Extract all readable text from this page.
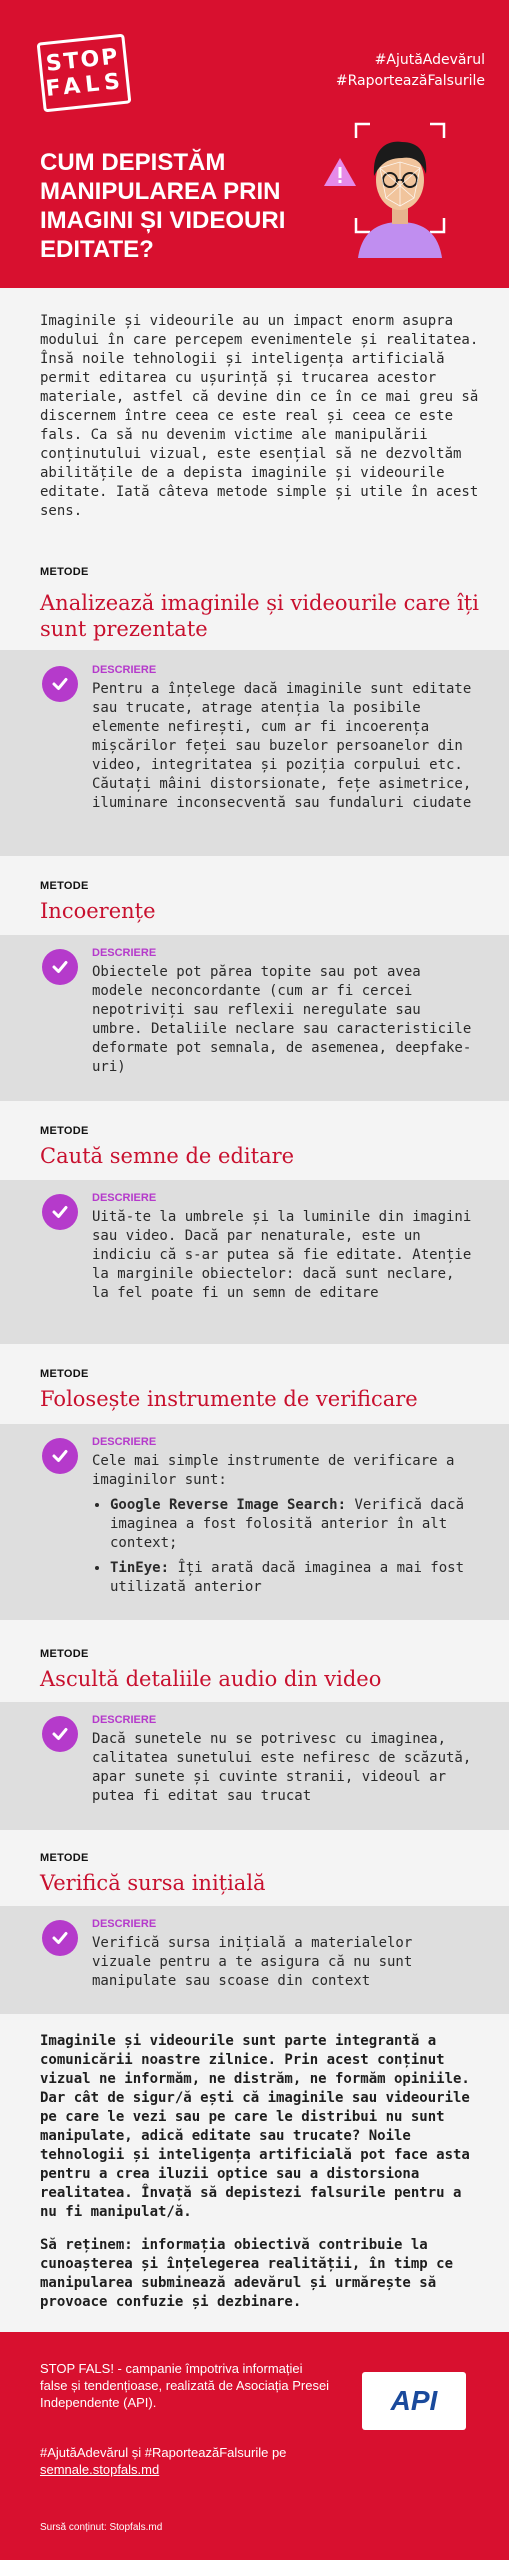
STOP
FALS
#AjutăAdevărul
#RaporteazăFalsurile
CUM DEPISTĂM MANIPULAREA PRIN IMAGINI ȘI VIDEOURI EDITATE?
Imaginile și videourile au un impact enorm asupra modului în care percepem evenimentele și realitatea. Însă noile tehnologii și inteligența artificială permit editarea cu ușurință și trucarea acestor materiale, astfel că devine din ce în ce mai greu să discernem între ceea ce este real și ceea ce este fals. Ca să nu devenim victime ale manipulării conținutului vizual, este esențial să ne dezvoltăm abilitățile de a depista imaginile și videourile editate. Iată câteva metode simple și utile în acest sens.
METODE
Analizează imaginile și videourile care îți sunt prezentate
DESCRIERE
Pentru a înțelege dacă imaginile sunt editate sau trucate, atrage atenția la posibile elemente nefirești, cum ar fi incoerența mișcărilor feței sau buzelor persoanelor din video, integritatea și poziția corpului etc. Căutați mâini distorsionate, fețe asimetrice, iluminare inconsecventă sau fundaluri ciudate
METODE
Incoerențe
DESCRIERE
Obiectele pot părea topite sau pot avea modele neconcordante (cum ar fi cercei nepotriviți sau reflexii neregulate sau umbre. Detaliile neclare sau caracteristicile deformate pot semnala, de asemenea, deepfake-uri)
METODE
Caută semne de editare
DESCRIERE
Uită-te la umbrele și la luminile din imagini sau video. Dacă par nenaturale, este un indiciu că s-ar putea să fie editate. Atenție la marginile obiectelor: dacă sunt neclare, la fel poate fi un semn de editare
METODE
Folosește instrumente de verificare
DESCRIERE
Cele mai simple instrumente de verificare a imaginilor sunt:
• Google Reverse Image Search: Verifică dacă imaginea a fost folosită anterior în alt context;
• TinEye: Îți arată dacă imaginea a mai fost utilizată anterior
METODE
Ascultă detaliile audio din video
DESCRIERE
Dacă sunetele nu se potrivesc cu imaginea, calitatea sunetului este nefiresc de scăzută, apar sunete și cuvinte stranii, videoul ar putea fi editat sau trucat
METODE
Verifică sursa inițială
DESCRIERE
Verifică sursa inițială a materialelor vizuale pentru a te asigura că nu sunt manipulate sau scoase din context

Imaginile și videourile sunt parte integrantă a comunicării noastre zilnice. Prin acest conținut vizual ne informăm, ne distrăm, ne formăm opiniile. Dar cât de sigur/ă ești că imaginile sau videourile pe care le vezi sau pe care le distribui nu sunt manipulate, adică editate sau trucate? Noile tehnologii și inteligența artificială pot face asta pentru a crea iluzii optice sau a distorsiona realitatea. Învață să depistezi falsurile pentru a nu fi manipulat/ă.

Să reținem: informația obiectivă contribuie la cunoașterea și înțelegerea realității, în timp ce manipularea subminează adevărul și urmărește să provoace confuzie și dezbinare.

STOP FALS! - campanie împotriva informației false și tendențioase, realizată de Asociația Presei Independente (API).
#AjutăAdevărul și #RaporteazăFalsurile pe semnale.stopfals.md
Sursă conținut: Stopfals.md
API
